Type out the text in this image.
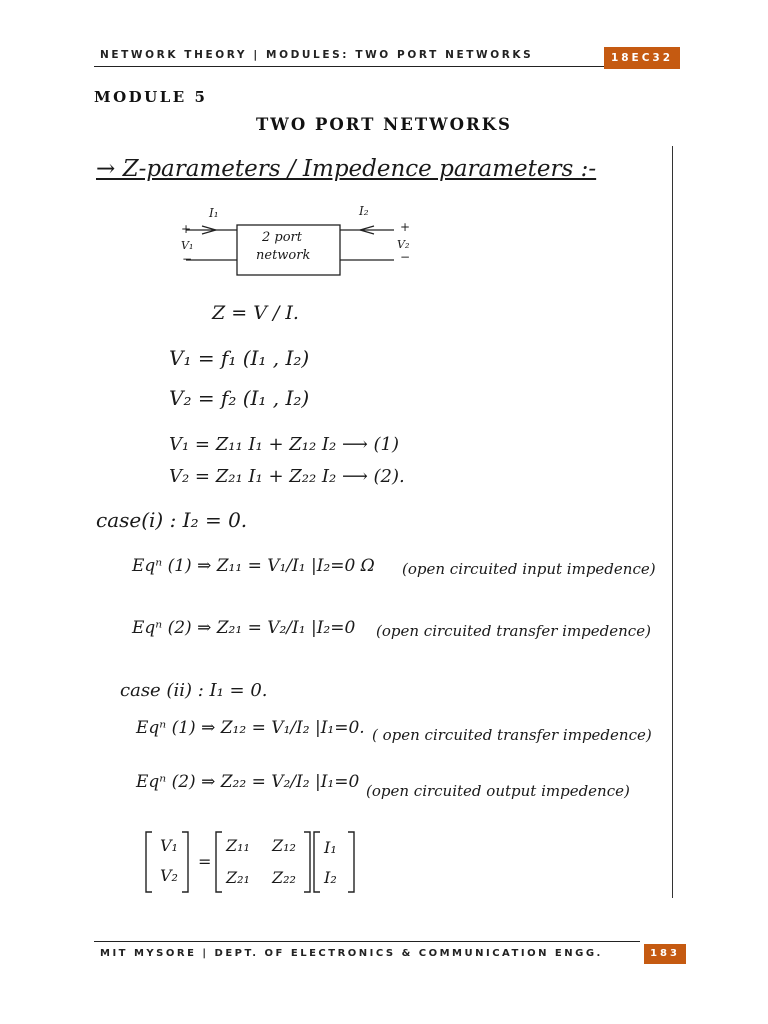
NETWORK THEORY | MODULES: TWO PORT NETWORKS	18EC32
MODULE 5
TWO PORT NETWORKS
→ Z-parameters / Impedence parameters :-
I₁	I₂
+	+
V₁	V₂
−	−
2 port
network
Z = V / I.
V₁ = f₁ (I₁ , I₂)
V₂ = f₂ (I₁ , I₂)
V₁ = Z₁₁ I₁ + Z₁₂ I₂ ⟶ (1)
V₂ = Z₂₁ I₁ + Z₂₂ I₂ ⟶ (2).
case(i) : I₂ = 0.
Eqⁿ (1) ⇒ Z₁₁ = V₁/I₁ |I₂=0 Ω (open circuited input impedence)
Eqⁿ (2) ⇒ Z₂₁ = V₂/I₁ |I₂=0 (open circuited transfer impedence)
case (ii) : I₁ = 0.
Eqⁿ (1) ⇒ Z₁₂ = V₁/I₂ |I₁=0. ( open circuited transfer impedence)
Eqⁿ (2) ⇒ Z₂₂ = V₂/I₂ |I₁=0 (open circuited output impedence)
V₁
V₂
=
Z₁₁ Z₁₂
Z₂₁ Z₂₂
I₁
I₂
MIT MYSORE | DEPT. OF ELECTRONICS & COMMUNICATION ENGG.	183
